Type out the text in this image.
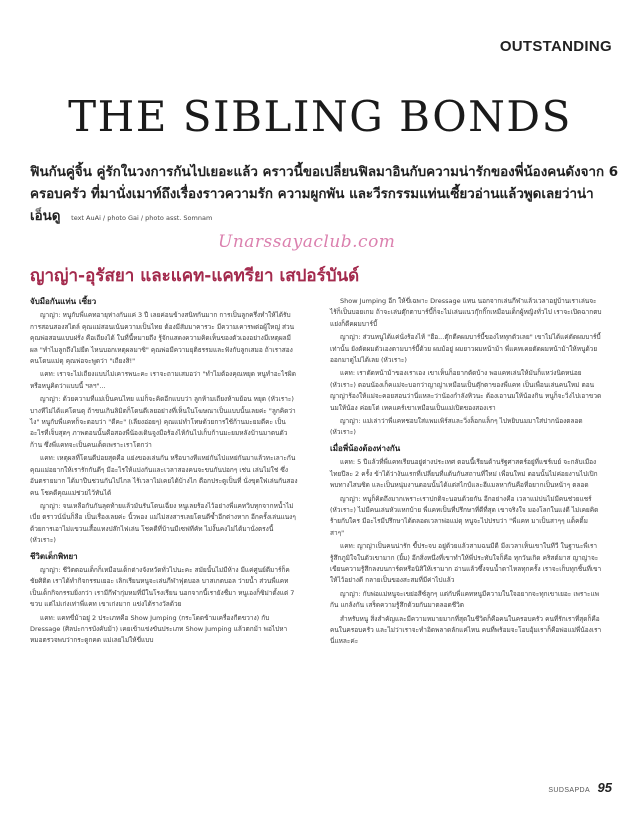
OUTSTANDING
THE SIBLING BONDS
ฟินกันคู่จิ้น คู่รักในวงการกันไปเยอะแล้ว คราวนี้ขอเปลี่ยนฟิลมาอินกับความน่ารักของพี่น้องคนดังจาก 6 ครอบครัว ที่มานั่งเมาท์ถึงเรื่องราวความรัก ความผูกพัน และวีรกรรมแท่นเซี้ยวอ่านแล้วพูดเลยว่าน่าเอ็นดู text AuAi / photo Gai / photo asst. Somnam
Unarssayaclub.com
ญาญ่า-อุรัสยา และแคท-แคทรียา เสปอร์บันด์
จับมือกันแท่น เซี้ยว

ญาญ่า: หนูกับพี่แคทอายุห่างกันแค่ 3 ปี เลยค่อนข้างสนิทกันมาก การเป็นลูกครึ่งทำให้ได้รับการสอนสองสไตล์ คุณแม่สอนเน้นความเป็นไทย ต้องมีสัมมาคารวะ มีความเคารพต่อผู้ใหญ่ ส่วนคุณพ่อสอนแบบฝรั่ง คือเถียงได้ ในที่นี้หมายถึง รู้จักแสดงความคิดเห็นของตัวเองอย่างมีเหตุผลมีผล "ทำไมลูกถึงไม่ยืด ไหนบอกเหตุผลมาซิ" คุณพ่อมีความยุติธรรมและฟังกับลูกเสมอ ถ้าเราสองคนโดนแม่ดุ คุณพ่อจะพูดว่า "เถียงสิ!"

แคท: เราจะไม่เถียงแบบไม่เคารพนะคะ เราจะถามเสมอว่า "ทำไมต้องคุณหยุด หนูทำอะไรผิด หรือหนูคิดว่าแบบนี้ ฯลฯ"...

ญาญ่า: ด้วยความที่แม่เป็นคนไทย แม่ก็จะคิดอีกแบบว่า ลูกห้ามเถียงห้ามย้อน หยุด (หัวเราะ) บางทีไม่ได้แค่โดนดุ ถ้าขนเกินลิมิตก็โดนตีเลยอย่างที่เห็นในโฆษณาเป็นแบบนั้นเลยค่ะ "ลูกคิดว่าไง" หนูกับพี่แคทก็จะตอบว่า "ดีคะ" (เลียงอ่อยๆ) คุณแม่ทำโทษด้วยการใช้ก้านมะยมตีคะ เป็นอะไรที่เจ็บสุดๆ ภาพตอนนั้นคือสองพี่น้องเดินจูงมือร้องไห้กันไปเก็บก้านมะยมหลังบ้านมาตนตัวก้าน ซึ่งพี่แคทจะเป็นคนเด็ดเพราะเราโตกว่า

แคท: เหตุผลที่โดนตีบ่อยสุดคือ แย่งของเล่นกัน หรือบางทีแหย่กันไปแหย่กันมาแล้วทะเลาะกัน คุณแม่อยากให้เรารักกันดีๆ มีอะไรให้แบ่งกันและเวลาสองคนจะขนกันบ่อกๆ เช่น เล่นไม่ใช่ ซึ่งอันตรายมาก ได้มาปืนชวนกันไปไกล ไร้เวลาไม่เคยได้บ้างไก ตือกประตูเป็นที่ นั่งขุดใฟเล่นกันสองคน โชคดีคุณแม่ช่วยไว้ทันได้

ญาญ่า: จนเหลือกันกันลุดท้ายแล้วมันรันโดนเฉี่ยง หนูเลยร้องไว้อย่างพี่แคทวิบทุกจากหน้ำไม่เบี่ย ตราวน์นั่นก็ลือ เป็นเรื่องเลยค่ะ นิ้วพอง แม่ไม่สงสารเลยโดนตีซ้ำอีกต่างหาก อีกครั้งเล่นแนงๆ ด้วยการเอาไม่แขวนเสื้อแทงปล๊กไฟเล่น โชคดีที่บ้านมีเซฟทีคัท ไม่งั้นคงไม่ได้มานั่งตรงนี้ (หัวเราะ)

ชีวิตเด็กพิทยา

ญาญ่า: ชีวิตตอนเด็กก็เหมือนเด็กต่างจังหวัดทั่วไปนะคะ สมัยนั้นไม่มีห้าง มีแค่ศูนย์ดีมาร์ก็ค ชัยศิติด เราได้ทำกิจกรรมเยอะ เลิกเรียนหนูจะเล่นกีฬาฟุตบอล บาสเกตบอล ว่ายน้ำ ส่วนพี่แคทเป็นเด็กกิจกรรมยิ่งกว่า เรามีกีฬากุ่มหมที่มีในโรงเรียน นอกจากนี้เรายังชื่มา หนูเองก็ซิม่าตั้งแต่ 7 ขวบ แต่ไม่เก่งเท่าพี่แคท เขาเก่งมาก แข่งได้รางวัลด้วย

แคท: แคทขี่ม้าอยู่ 2 ประเภทคือ Show Jumping (กระโดดข้ามเครื่องกีดขวาง) กับ Dressage (ศิลปะการบังคับม้า) เคยเข้าแข่งขันประเภท Show Jumping แล้วตกม้า พอไปหาหมอตรวจพบว่ากระดูกคด แม่เลยไม่ให้ขี่แบบ

Show Jumping อีก ให้ขี่เฉพาะ Dressage แทน นอกจากเล่นกีฬาแล้วเวลาอยู่บ้านเราเล่นจะไร้ก็เป็นบอยเกม ถ้าจะเล่นตุ๊กตาบาร์บี้ก็จะไม่เล่นแนวกุ๊กกิ๊กเหมือนเด็กผู้หญิงทั่วไป เราจะเปิดฉากตบแย่งก็ดีคผมบาร์บี้

ญาญ่า: ส่วนหนูได้แค่นั่งร้องไห้ "ฮือ...ตุ๊กตีคผมบาร์บี้ของไหทุกตัวเลย" เขาไม่ได้แค่ตัดผมบาร์บี้เท่านั้น ยังตัดผมตัวเองตามบาร์บี้ด้วย ผมม้อยู่ ผมยาวผมหน้าม้า พี่แคทเคยตัดผมหน้าม้าให้หนูด้วย ออกมาดูไม่ได้เลย (หัวเราะ)

แคท: เราตัดหน้าม้าของเราเอง เขาเห็นก็อยากตัดบ้าง พอแคทเล่นให้มันก็แหว่งนิดหน่อย (หัวเราะ) ตอนน้องเก็คแม่จะบอกว่าญาญ่าเหมือนเป็นตุ๊กตาของพี่แคท เป็นเพื่อนเล่นคนใหม่ ตอนญาญ่าร้องให้แม่จะคอยสอนว่านี่แหละว่าน้องกำลังหิวนะ ต้องเอานมให้น้องกิน หนูก็จะวิ่งไปเอาขวดนมให้น้อง ค่อยโต่ เทคแคร์เขาเหมือนเป็นแม่เปิดของสองเรา

ญาญ่า: แม่เล่าว่าพี่แคทชอบใส่แพมเพิร์สและวิ่งล็อกแล็กๆ ไปหยิบนมมาใส่ปากน้องตลอด (หัวเราะ)

เมื่อพี่น้องต้องห่างกัน

แคท: 5 ปีแล้วที่พี่แคทเรียนอยู่ต่างประเทศ ตอนนี้เรียนด้านรัฐศาสตร์อยู่ที่แชร์เบย์ จะกลับเมืองไทยปีละ 2 ครั้ง ข้าได้ว่างันแรกที่เปลี่ยนที่แต้นกันสถานที่ใหม่ เพื่อนใหม่ ตอนนั้นไม่ค่อยงานไปเปิกพบทางไสนซิด และเป็นหนุ่มงานตอนนั้นได้แต่สไกป์และฮีแมลหากันคือที่อยากเป็นหน้าๆ ตลอด

ญาญ่า: หนูก็คิดถึงมากเพราะเราปกติจะนอนด้วยกัน อีกอย่างคือ เวลาแม่บ่นไม่มีคนช่วยแชร์ (หัวเราะ) ไม่มีคนเล่นหัวแหกบ้าย พี่แคทเป็นที่ปรึกษาที่ดีที่สุด เขาจริงใจ มองโลกในแง่ดี ไม่เคยคิดร้ายกับใคร มีอะไรมีปรึกษาได้ตลอดเวลาพ่อแม่ดุ หนูจะไปปรบว่า "พี่แคท มาเป็นสาๆๆ แด็คติ้มสาๆ"

แคท: ญาญ่าเป็นคนน่ารัก ขี้ประจบ อยู่ด้วยแล้วสามฉนมีดี มีงเวลาเห็นเขาในทีวี ในฐานะพี่เรารู้สึกภูมิใจในตัวเขามาก (ยิ้ม) อีกสิ่งหนึ่งที่เขาทำให้พี่ประทับใจก็คือ ทุกวันเกิด คริสต์มาส ญาญ่าจะเขียนความรู้สึกลงบนการ์ดหรือนิสิให้เรามาก อ่านแล้วซึ้งจนน้ำตาไหลทุกครั้ง เราจะเก็บทุกชิ้นที่เขาให้ไว้อย่างดี กลายเป็นของสะสมที่มีค่าไปแล้ว

ญาญ่า: กับพ่อแม่หนูจะเขย่อสีซ์ลูกๆ แต่กับพี่แคทหนูมีความในใจอยากจะทุกเขาเยอะ เพราะแพกัน แกล้งกัน เสร็ดความรู้สึกด้วยกันมาตลอดชีวิต

สำหรับหนู สิ่งสำคัญและมีความหมายมากที่สุดในชีวิตก็คือคนในครอบครัว คนที่รักเราที่สุดก็คือคนในครอบครัว และไม่ว่าเราจะทำอิดพลาดลักแค่ไหน คนที่พร้อมจะโอบอุ้มเราก็คือพ่อแม่พี่น้องเรานี่แหละค่ะ

SUDSAPDA 95
